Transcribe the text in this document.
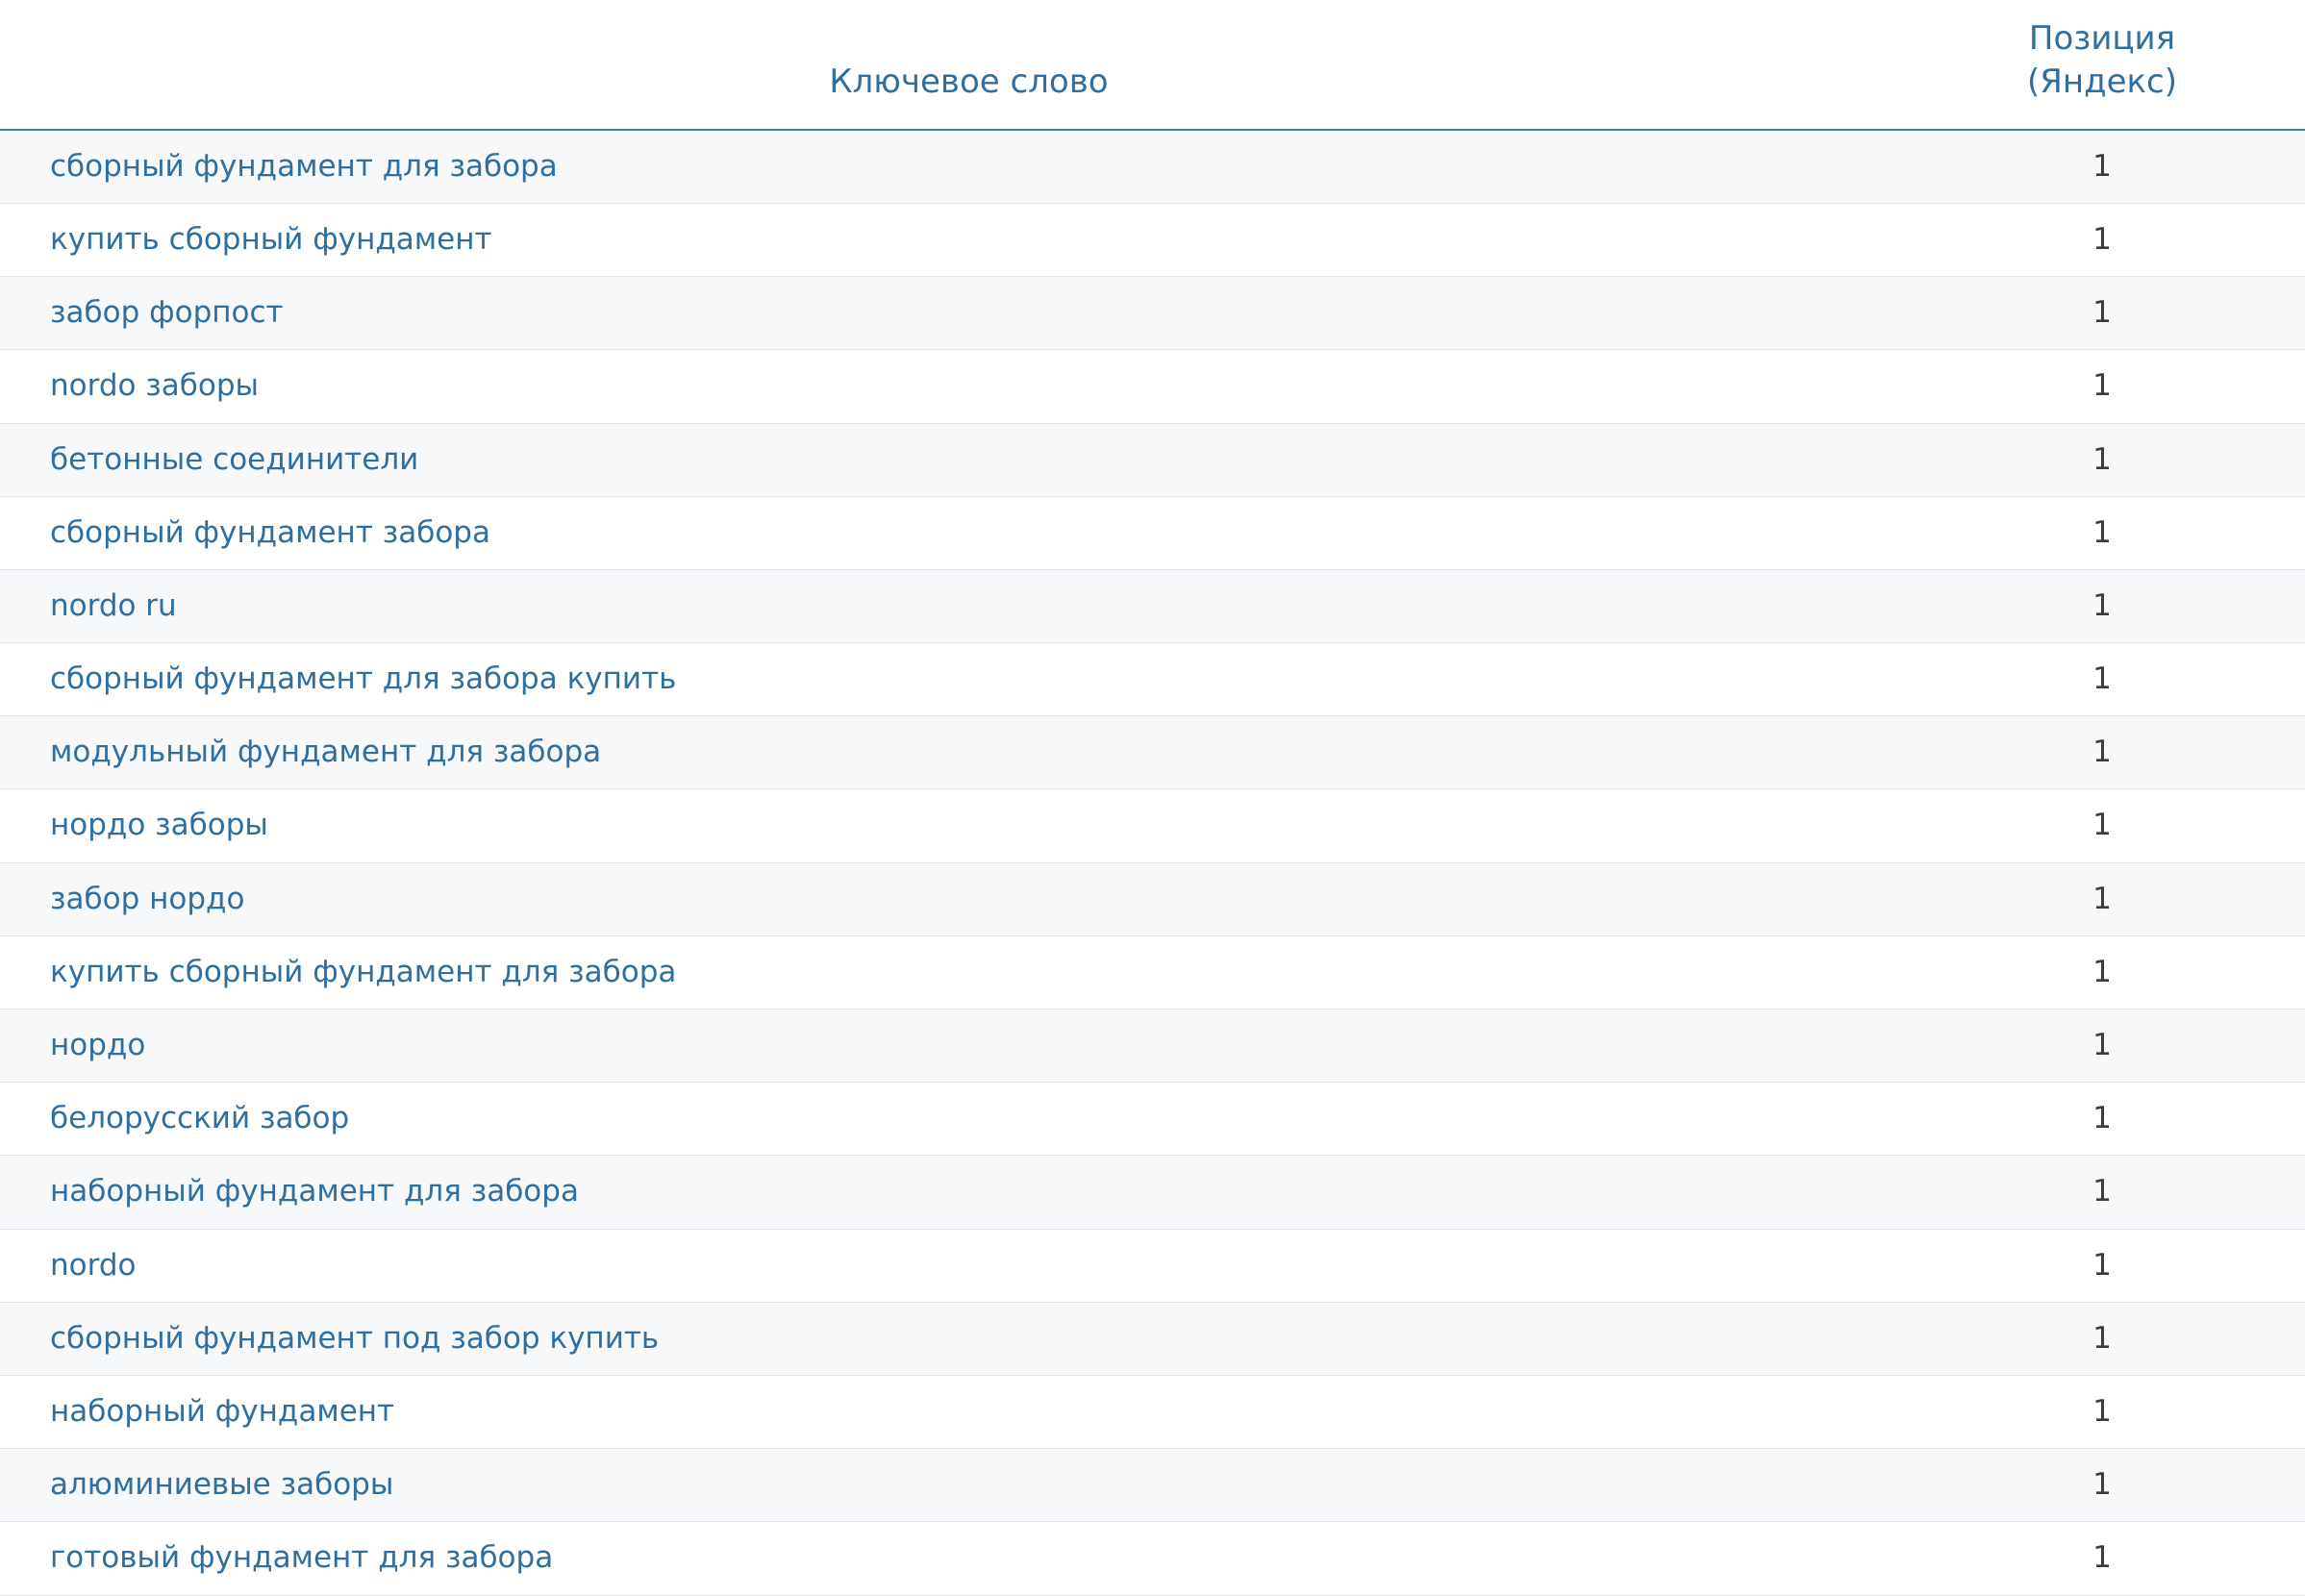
Ключевое слово	Позиция
(Яндекс)
сборный фундамент для забора	1
купить сборный фундамент	1
забор форпост	1
nordo заборы	1
бетонные соединители	1
сборный фундамент забора	1
nordo ru	1
сборный фундамент для забора купить	1
модульный фундамент для забора	1
нордо заборы	1
забор нордо	1
купить сборный фундамент для забора	1
нордо	1
белорусский забор	1
наборный фундамент для забора	1
nordo	1
сборный фундамент под забор купить	1
наборный фундамент	1
алюминиевые заборы	1
готовый фундамент для забора	1
